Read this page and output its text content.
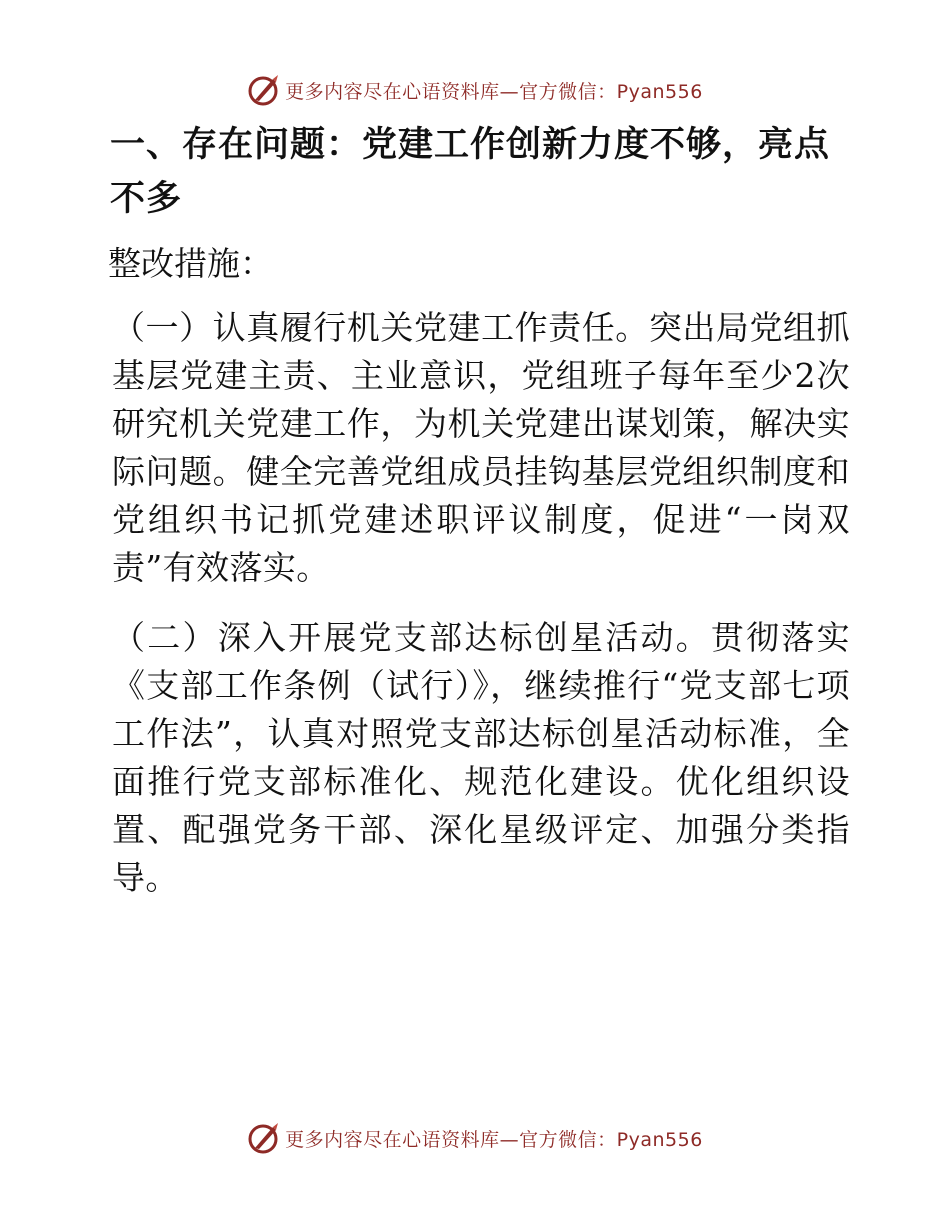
更多内容尽在心语资料库—官方微信：Pyan556
一、存在问题：党建工作创新力度不够，亮点不多

整改措施：

（一）认真履行机关党建工作责任。突出局党组抓基层党建主责、主业意识，党组班子每年至少2次研究机关党建工作，为机关党建出谋划策，解决实际问题。健全完善党组成员挂钩基层党组织制度和党组织书记抓党建述职评议制度，促进“一岗双责”有效落实。

（二）深入开展党支部达标创星活动。贯彻落实《支部工作条例（试行）》，继续推行“党支部七项工作法”，认真对照党支部达标创星活动标准，全面推行党支部标准化、规范化建设。优化组织设置、配强党务干部、深化星级评定、加强分类指导。

更多内容尽在心语资料库—官方微信：Pyan556
